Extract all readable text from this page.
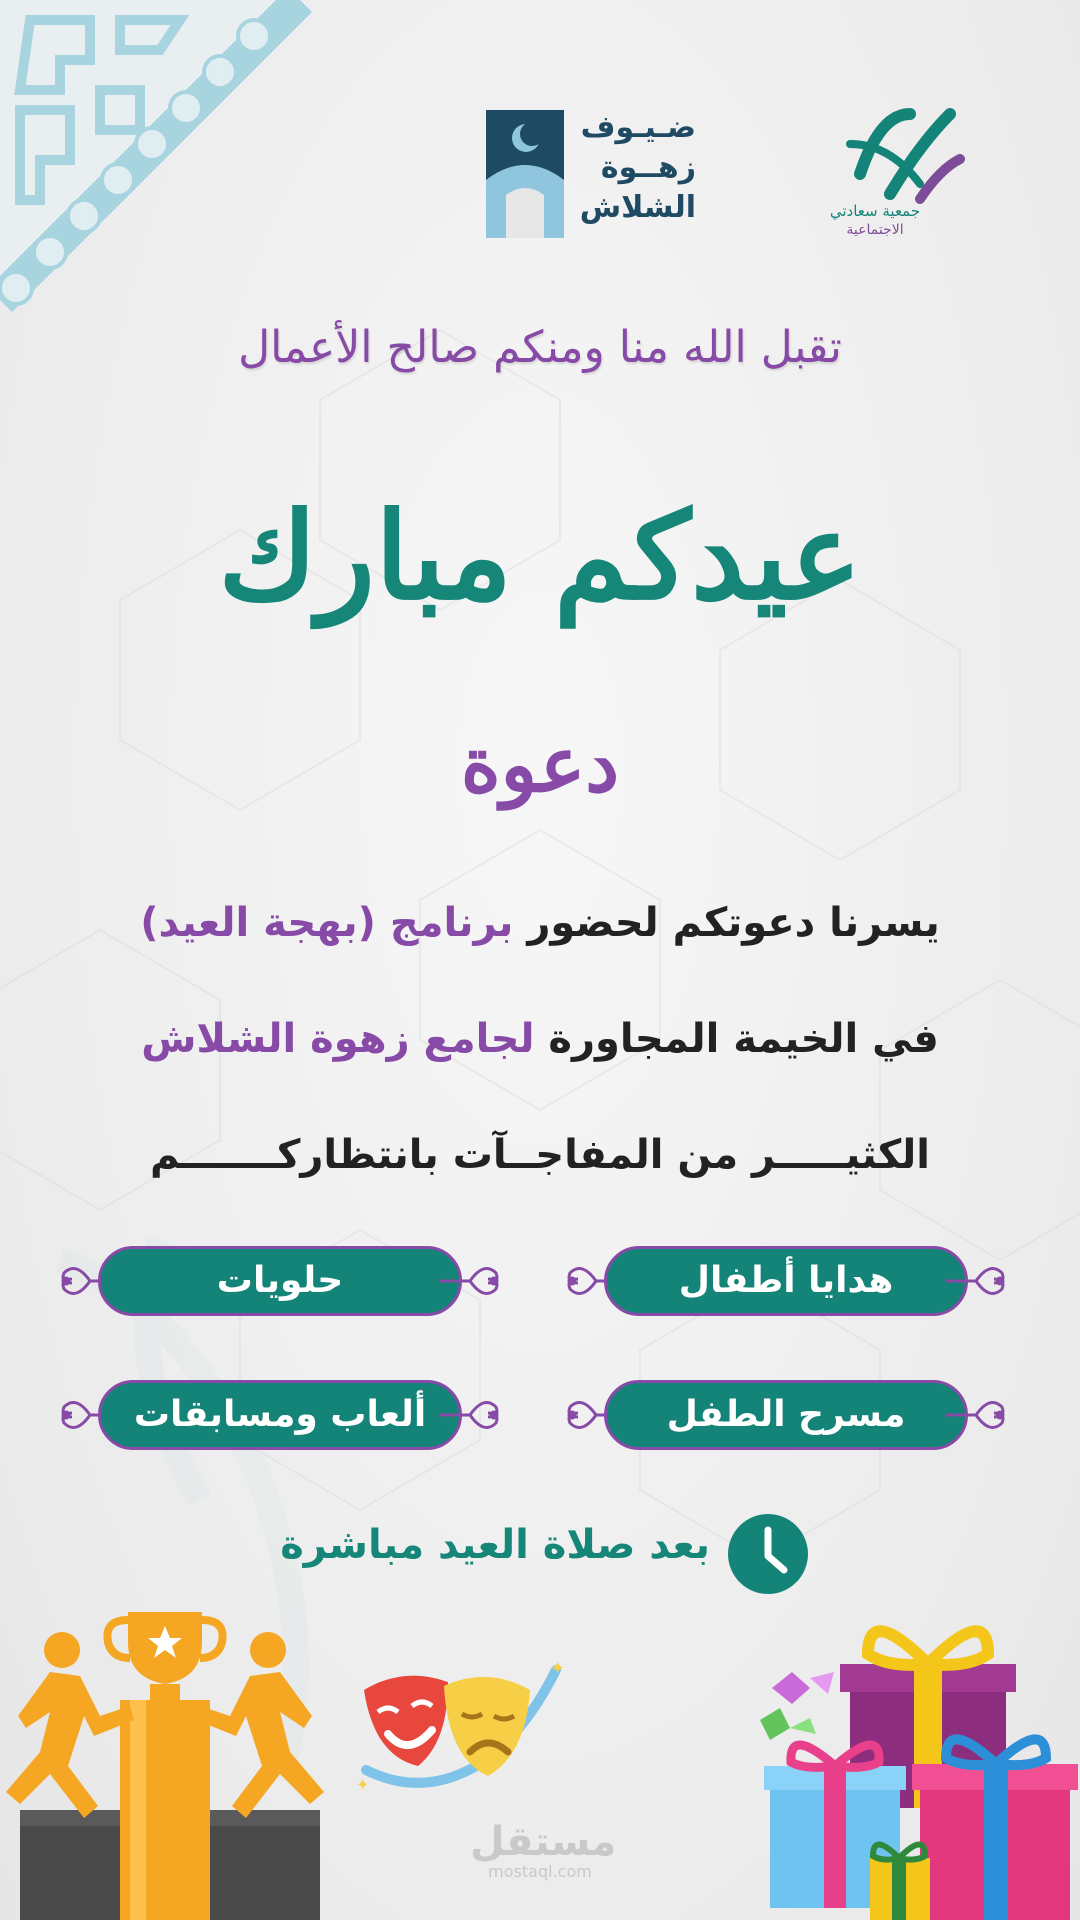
ضـيـوف
زهــوة
الشلاش	جمعية سعادتي
الاجتماعية
تقبل الله منا ومنكم صالح الأعمال
عيدكم مبارك
دعوة
يسرنا دعوتكم لحضور برنامج (بهجة العيد)
في الخيمة المجاورة لجامع زهوة الشلاش
الكثيـــــر من المفاجــآت بانتظاركـــــــم
هدايا أطفال
حلويات
مسرح الطفل
ألعاب ومسابقات
بعد صلاة العيد مباشرة
✦
✦
مستقل
mostaql.com
